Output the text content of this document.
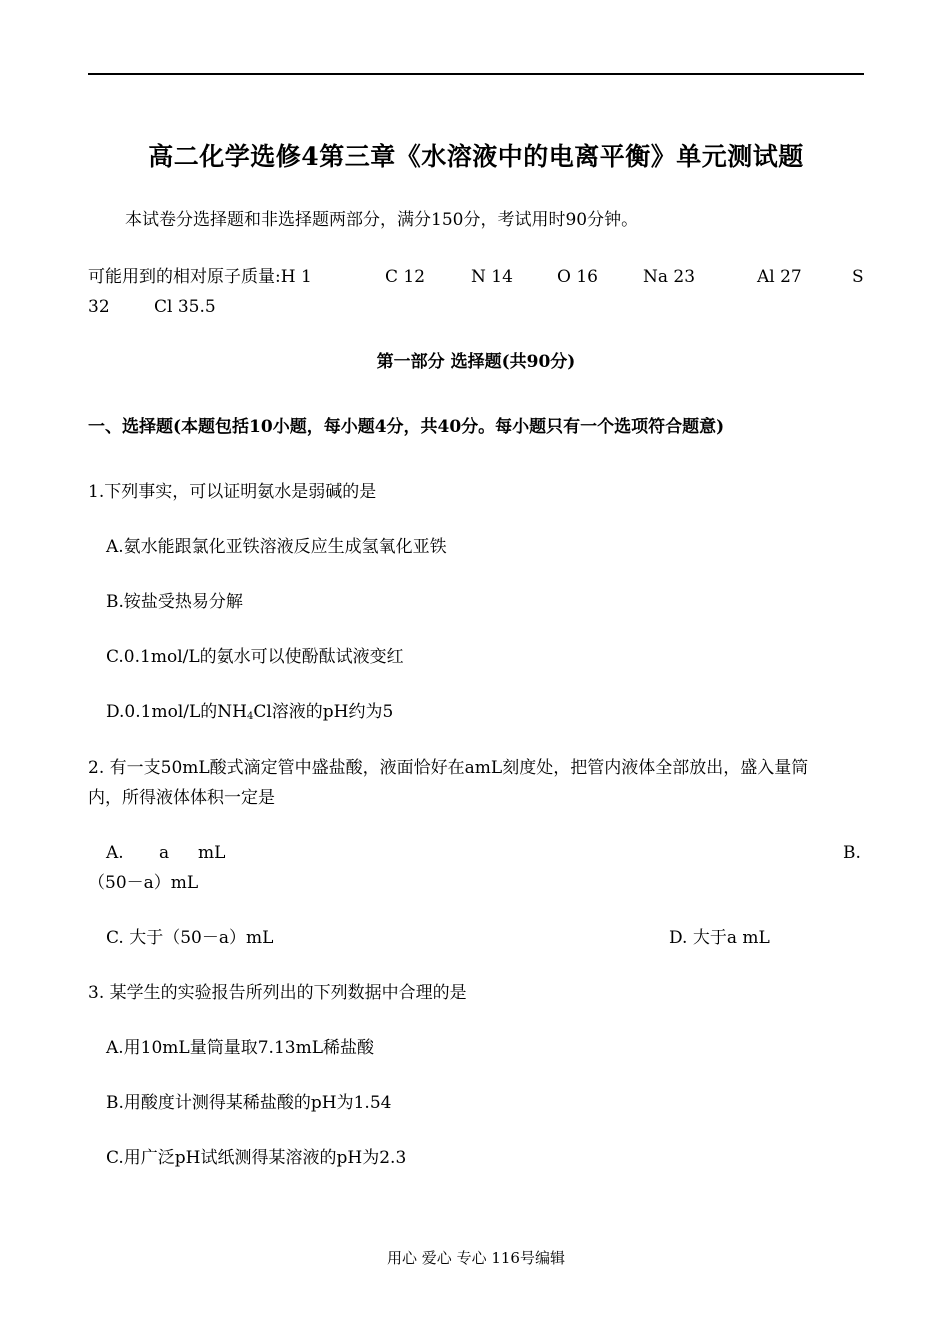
高二化学选修4第三章《水溶液中的电离平衡》单元测试题
本试卷分选择题和非选择题两部分，满分150分，考试用时90分钟。
可能用到的相对原子质量:H 1	C 12	N 14	O 16	Na 23	Al 27	S
32	Cl 35.5
第一部分 选择题(共90分)
一、选择题(本题包括10小题，每小题4分，共40分。每小题只有一个选项符合题意)
1.下列事实，可以证明氨水是弱碱的是
A.氨水能跟氯化亚铁溶液反应生成氢氧化亚铁
B.铵盐受热易分解
C.0.1mol/L的氨水可以使酚酞试液变红
D.0.1mol/L的$NH_4Cl$溶液的pH约为5
2. 有一支50mL酸式滴定管中盛盐酸，液面恰好在amL刻度处，把管内液体全部放出，盛入量筒
内，所得液体体积一定是
A. a mL	B.
（50－a）mL
C. 大于（50－a）mL	D. 大于a mL
3. 某学生的实验报告所列出的下列数据中合理的是
A.用10mL量筒量取7.13mL稀盐酸
B.用酸度计测得某稀盐酸的pH为1.54
C.用广泛pH试纸测得某溶液的pH为2.3
用心 爱心 专心 116号编辑
